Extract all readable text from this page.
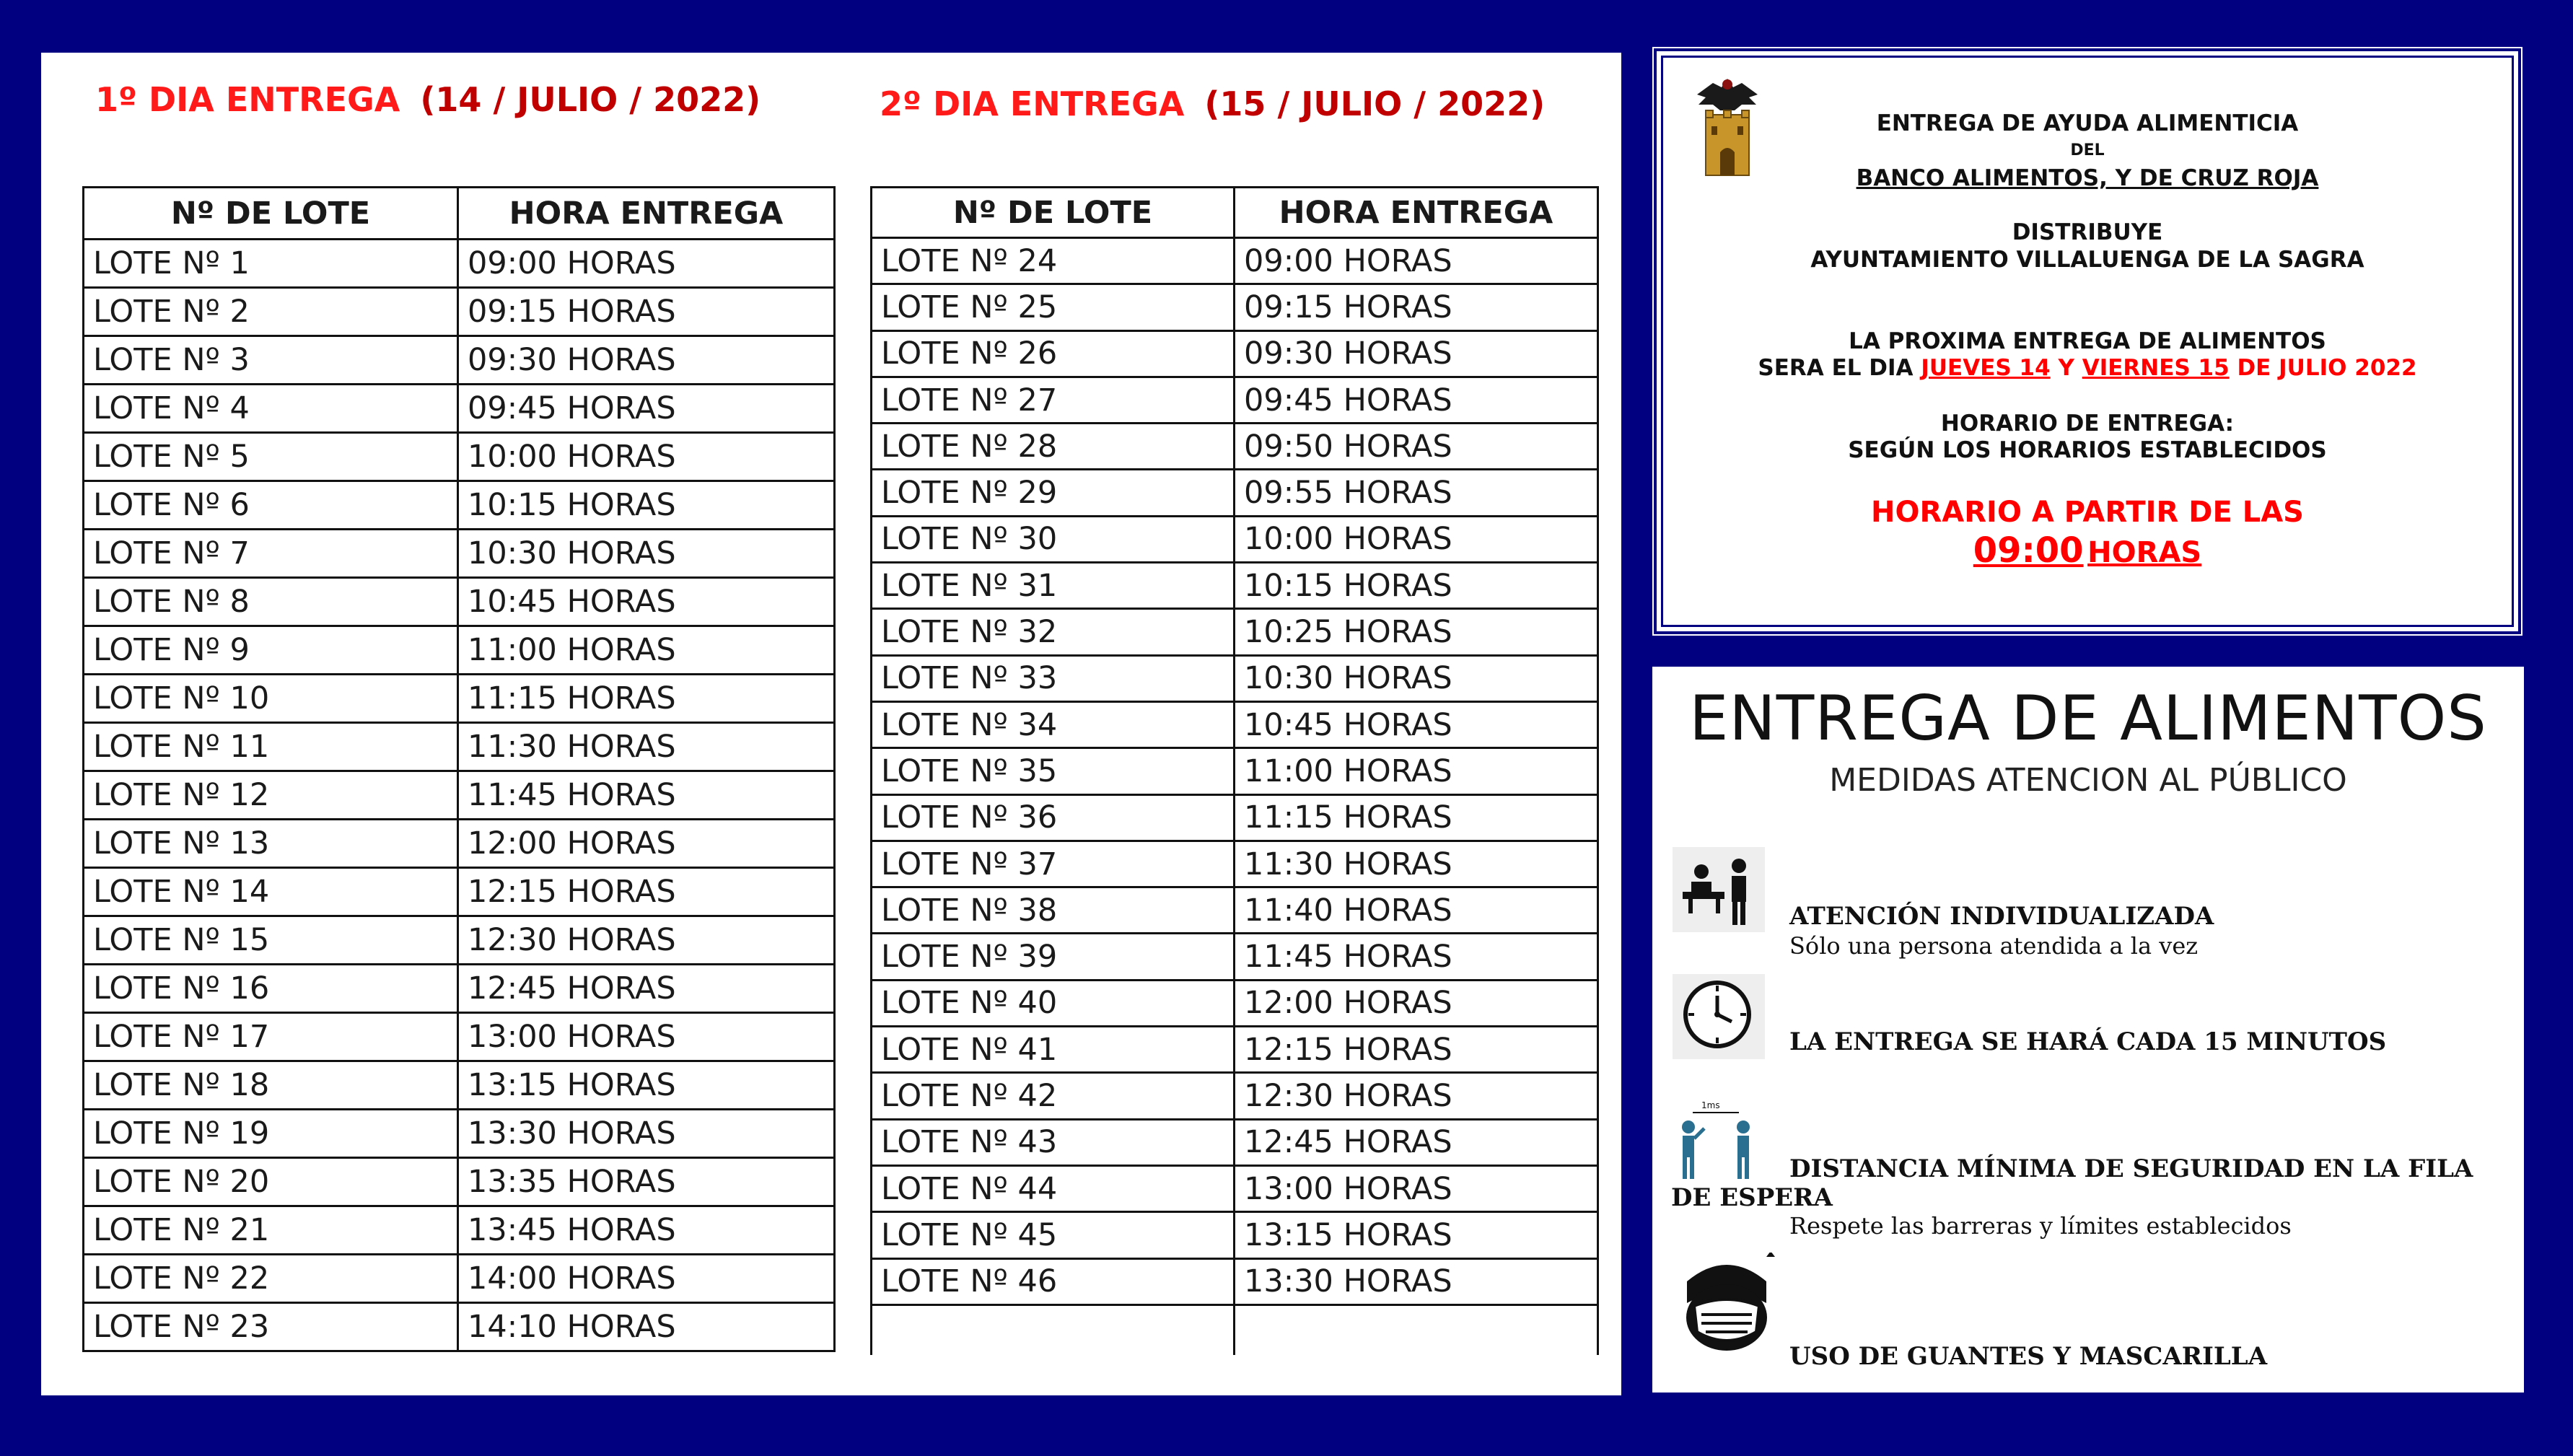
1º DIA ENTREGA (14 / JULIO / 2022)	2º DIA ENTREGA (15 / JULIO / 2022)
Nº DE LOTE	HORA ENTREGA
LOTE Nº 1	09:00 HORAS
LOTE Nº 2	09:15 HORAS
LOTE Nº 3	09:30 HORAS
LOTE Nº 4	09:45 HORAS
LOTE Nº 5	10:00 HORAS
LOTE Nº 6	10:15 HORAS
LOTE Nº 7	10:30 HORAS
LOTE Nº 8	10:45 HORAS
LOTE Nº 9	11:00 HORAS
LOTE Nº 10	11:15 HORAS
LOTE Nº 11	11:30 HORAS
LOTE Nº 12	11:45 HORAS
LOTE Nº 13	12:00 HORAS
LOTE Nº 14	12:15 HORAS
LOTE Nº 15	12:30 HORAS
LOTE Nº 16	12:45 HORAS
LOTE Nº 17	13:00 HORAS
LOTE Nº 18	13:15 HORAS
LOTE Nº 19	13:30 HORAS
LOTE Nº 20	13:35 HORAS
LOTE Nº 21	13:45 HORAS
LOTE Nº 22	14:00 HORAS
LOTE Nº 23	14:10 HORAS
Nº DE LOTE	HORA ENTREGA
LOTE Nº 24	09:00 HORAS
LOTE Nº 25	09:15 HORAS
LOTE Nº 26	09:30 HORAS
LOTE Nº 27	09:45 HORAS
LOTE Nº 28	09:50 HORAS
LOTE Nº 29	09:55 HORAS
LOTE Nº 30	10:00 HORAS
LOTE Nº 31	10:15 HORAS
LOTE Nº 32	10:25 HORAS
LOTE Nº 33	10:30 HORAS
LOTE Nº 34	10:45 HORAS
LOTE Nº 35	11:00 HORAS
LOTE Nº 36	11:15 HORAS
LOTE Nº 37	11:30 HORAS
LOTE Nº 38	11:40 HORAS
LOTE Nº 39	11:45 HORAS
LOTE Nº 40	12:00 HORAS
LOTE Nº 41	12:15 HORAS
LOTE Nº 42	12:30 HORAS
LOTE Nº 43	12:45 HORAS
LOTE Nº 44	13:00 HORAS
LOTE Nº 45	13:15 HORAS
LOTE Nº 46	13:30 HORAS

ENTREGA DE AYUDA ALIMENTICIA
DEL
BANCO ALIMENTOS, Y DE CRUZ ROJA
DISTRIBUYE
AYUNTAMIENTO VILLALUENGA DE LA SAGRA
LA PROXIMA ENTREGA DE ALIMENTOS
SERA EL DIA JUEVES 14 Y VIERNES 15 DE JULIO 2022
HORARIO DE ENTREGA:
SEGÚN LOS HORARIOS ESTABLECIDOS
HORARIO A PARTIR DE LAS
09:00 HORAS
ENTREGA DE ALIMENTOS
MEDIDAS ATENCION AL PÚBLICO
ATENCIÓN INDIVIDUALIZADA
Sólo una persona atendida a la vez
LA ENTREGA SE HARÁ CADA 15 MINUTOS
1ms
DISTANCIA MÍNIMA DE SEGURIDAD EN LA FILA
DE ESPERA
Respete las barreras y límites establecidos
USO DE GUANTES Y MASCARILLA
